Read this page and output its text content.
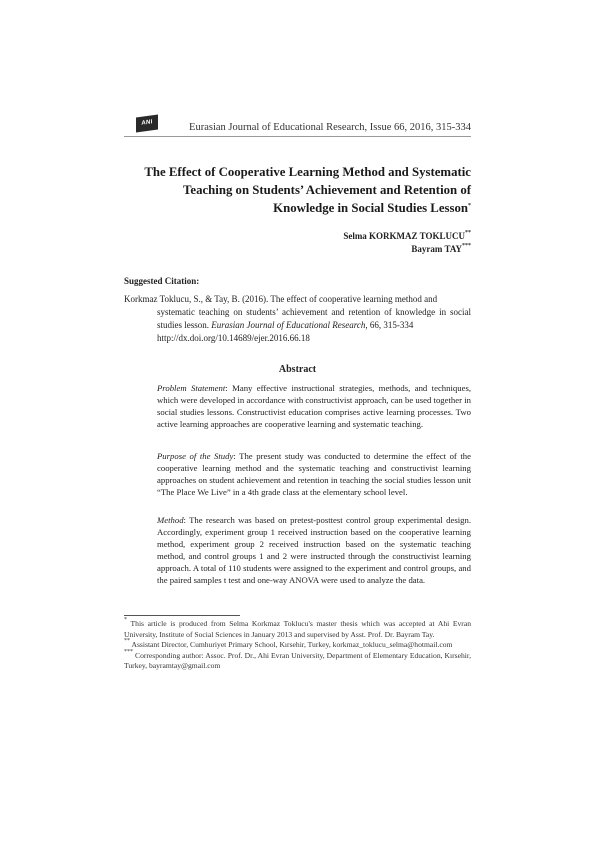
ANI	Eurasian Journal of Educational Research, Issue 66, 2016, 315-334
The Effect of Cooperative Learning Method and Systematic
Teaching on Students’ Achievement and Retention of
Knowledge in Social Studies Lesson*
Selma KORKMAZ TOKLUCU**
Bayram TAY***
Suggested Citation:
Korkmaz Toklucu, S., & Tay, B. (2016). The effect of cooperative learning method and
systematic teaching on students’ achievement and retention of knowledge in social studies lesson. Eurasian Journal of Educational Research, 66, 315-334
http://dx.doi.org/10.14689/ejer.2016.66.18
Abstract
Problem Statement: Many effective instructional strategies, methods, and techniques, which were developed in accordance with constructivist approach, can be used together in social studies lessons. Constructivist education comprises active learning processes. Two active learning approaches are cooperative learning and systematic teaching.
Purpose of the Study: The present study was conducted to determine the effect of the cooperative learning method and the systematic teaching and constructivist learning approaches on student achievement and retention in teaching the social studies lesson unit “The Place We Live” in a 4th grade class at the elementary school level.
Method: The research was based on pretest-posttest control group experimental design. Accordingly, experiment group 1 received instruction based on the cooperative learning method, experiment group 2 received instruction based on the systematic teaching method, and control groups 1 and 2 were instructed through the constructivist learning approach. A total of 110 students were assigned to the experiment and control groups, and the paired samples t test and one-way ANOVA were used to analyze the data.

* This article is produced from Selma Korkmaz Toklucu's master thesis which was accepted at Ahi Evran University, Institute of Social Sciences in January 2013 and supervised by Asst. Prof. Dr. Bayram Tay.

** Assistant Director, Cumhuriyet Primary School, Kırsehir, Turkey, korkmaz_toklucu_selma@hotmail.com

*** Corresponding author: Assoc. Prof. Dr., Ahi Evran University, Department of Elementary Education, Kırsehir, Turkey, bayramtay@gmail.com
